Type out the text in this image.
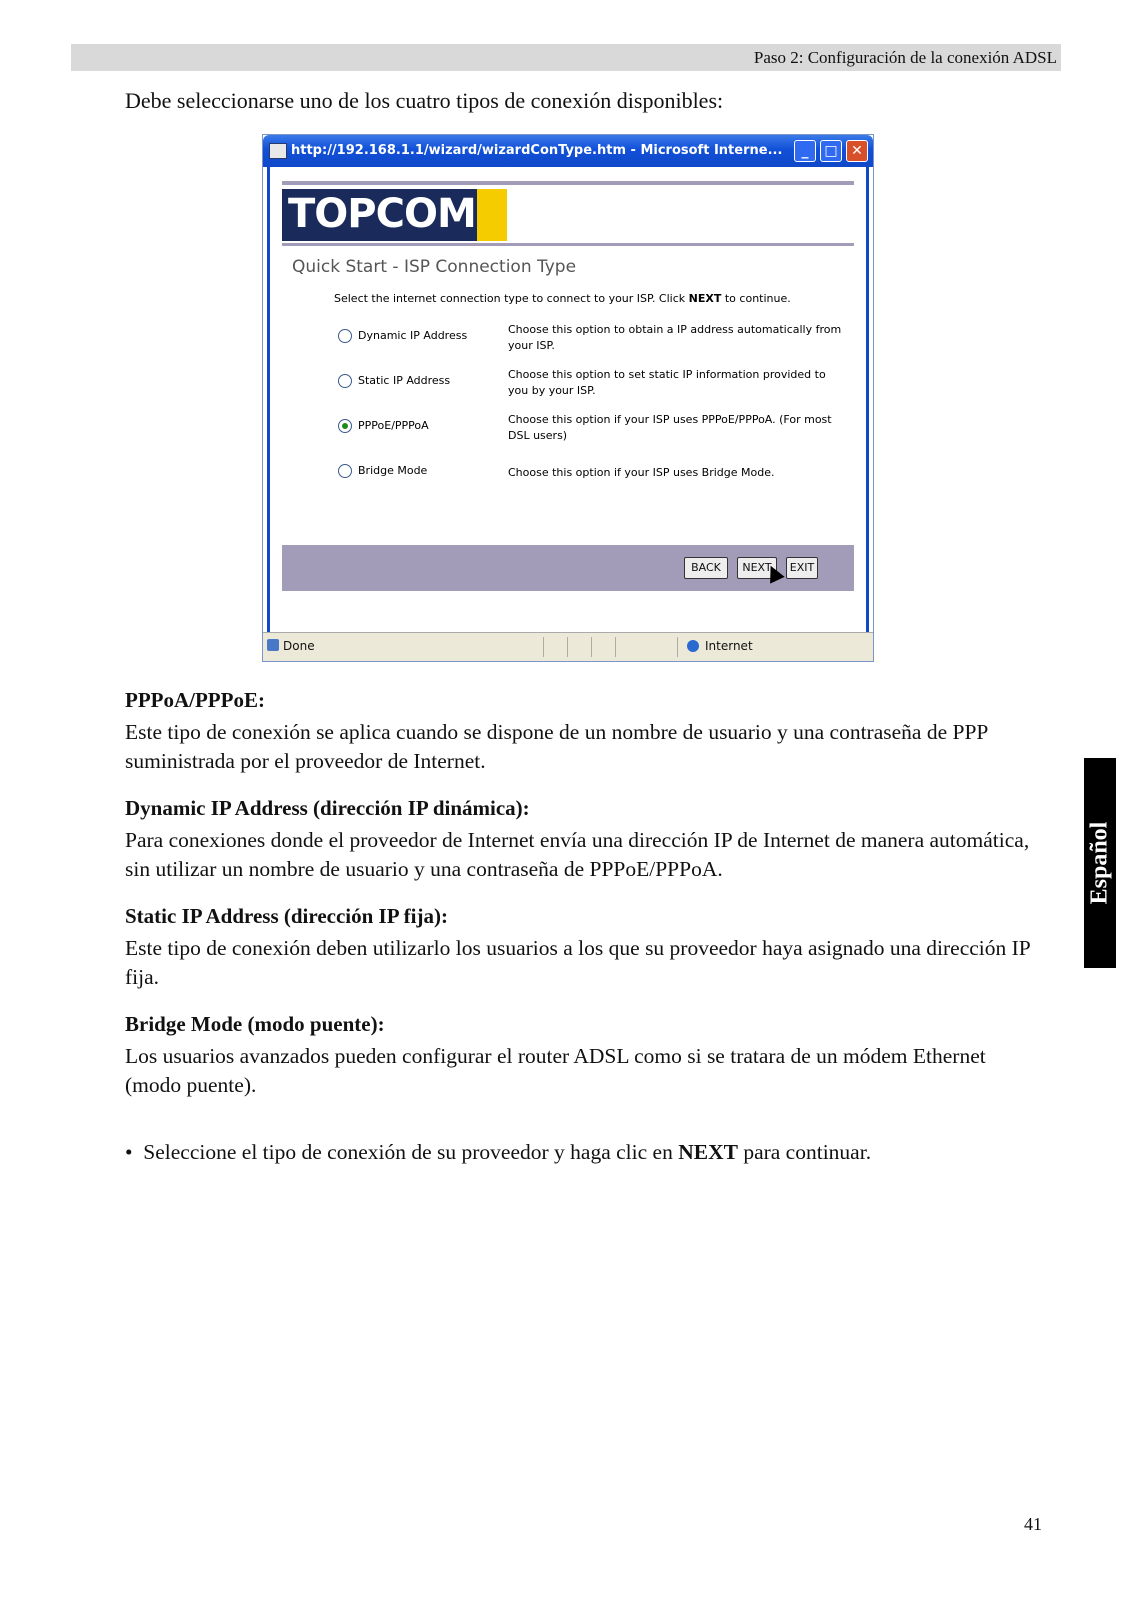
Paso 2: Configuración de la conexión ADSL
Debe seleccionarse uno de los cuatro tipos de conexión disponibles:
http://192.168.1.1/wizard/wizardConType.htm - Microsoft Interne...	_	□ ✕
TOPCOM
Quick Start - ISP Connection Type
Select the internet connection type to connect to your ISP. Click NEXT to continue.
Dynamic IP Address	Choose this option to obtain a IP address automatically from your ISP.
Static IP Address	Choose this option to set static IP information provided to you by your ISP.
PPPoE/PPPoA	Choose this option if your ISP uses PPPoE/PPPoA. (For most DSL users)
Bridge Mode	Choose this option if your ISP uses Bridge Mode.
BACK	NEXT	EXIT
Done	Internet
PPPoA/PPPoE:
Este tipo de conexión se aplica cuando se dispone de un nombre de usuario y una contraseña de PPP suministrada por el proveedor de Internet.
Dynamic IP Address (dirección IP dinámica):
Para conexiones donde el proveedor de Internet envía una dirección IP de Internet de manera automática, sin utilizar un nombre de usuario y una contraseña de PPPoE/PPPoA.
Static IP Address (dirección IP fija):
Este tipo de conexión deben utilizarlo los usuarios a los que su proveedor haya asignado una dirección IP fija.
Bridge Mode (modo puente):
Los usuarios avanzados pueden configurar el router ADSL como si se tratara de un módem Ethernet (modo puente).
•  Seleccione el tipo de conexión de su proveedor y haga clic en NEXT para continuar.
Español
41
